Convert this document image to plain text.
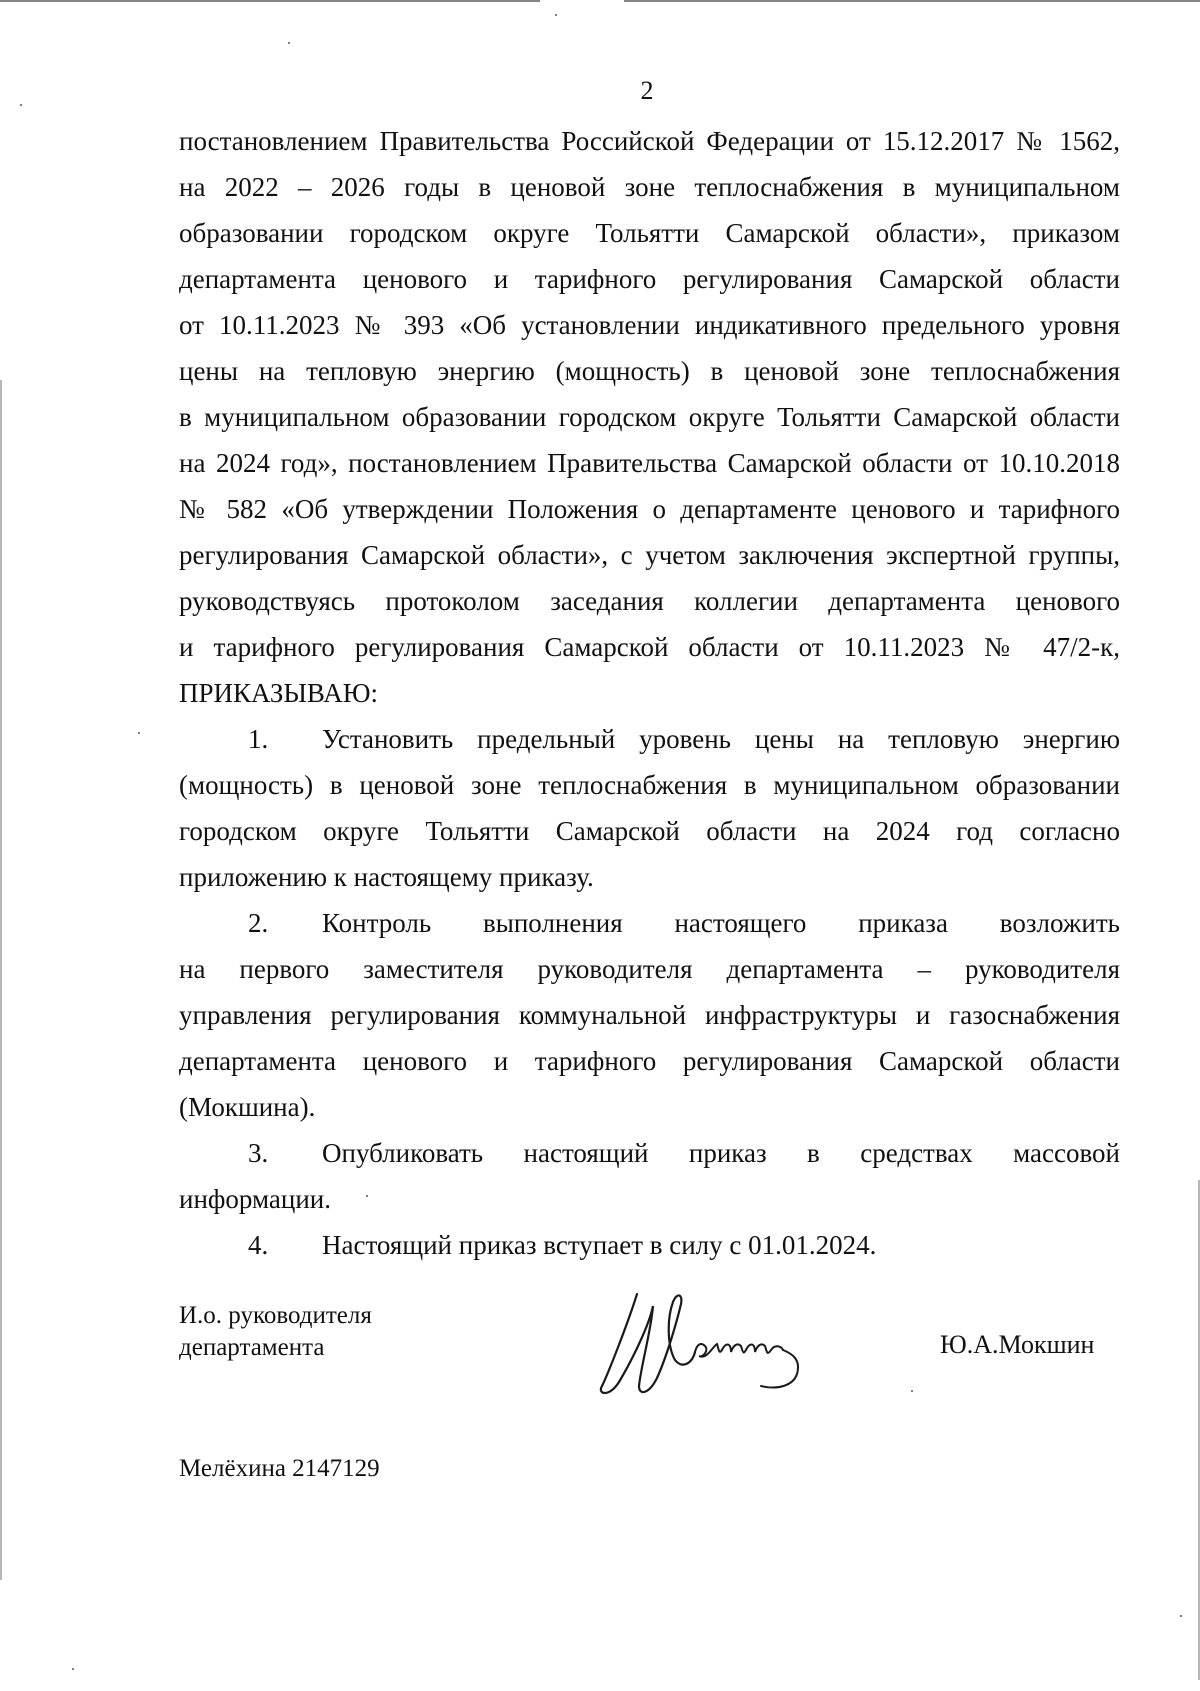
2
постановлением Правительства Российской Федерации от 15.12.2017 № 1562,
на 2022 – 2026 годы в ценовой зоне теплоснабжения в муниципальном
образовании городском округе Тольятти Самарской области», приказом
департамента ценового и тарифного регулирования Самарской области
от 10.11.2023 № 393 «Об установлении индикативного предельного уровня
цены на тепловую энергию (мощность) в ценовой зоне теплоснабжения
в муниципальном образовании городском округе Тольятти Самарской области
на 2024 год», постановлением Правительства Самарской области от 10.10.2018
№ 582 «Об утверждении Положения о департаменте ценового и тарифного
регулирования Самарской области», с учетом заключения экспертной группы,
руководствуясь протоколом заседания коллегии департамента ценового
и тарифного регулирования Самарской области от 10.11.2023 № 47/2-к,
ПРИКАЗЫВАЮ:
1. Установить предельный уровень цены на тепловую энергию
(мощность) в ценовой зоне теплоснабжения в муниципальном образовании
городском округе Тольятти Самарской области на 2024 год согласно
приложению к настоящему приказу.
2. Контроль выполнения настоящего приказа возложить
на первого заместителя руководителя департамента – руководителя
управления регулирования коммунальной инфраструктуры и газоснабжения
департамента ценового и тарифного регулирования Самарской области
(Мокшина).
3. Опубликовать настоящий приказ в средствах массовой
информации.
4. Настоящий приказ вступает в силу с 01.01.2024.
И.о. руководителя
департамента	Ю.А.Мокшин
Мелёхина 2147129
